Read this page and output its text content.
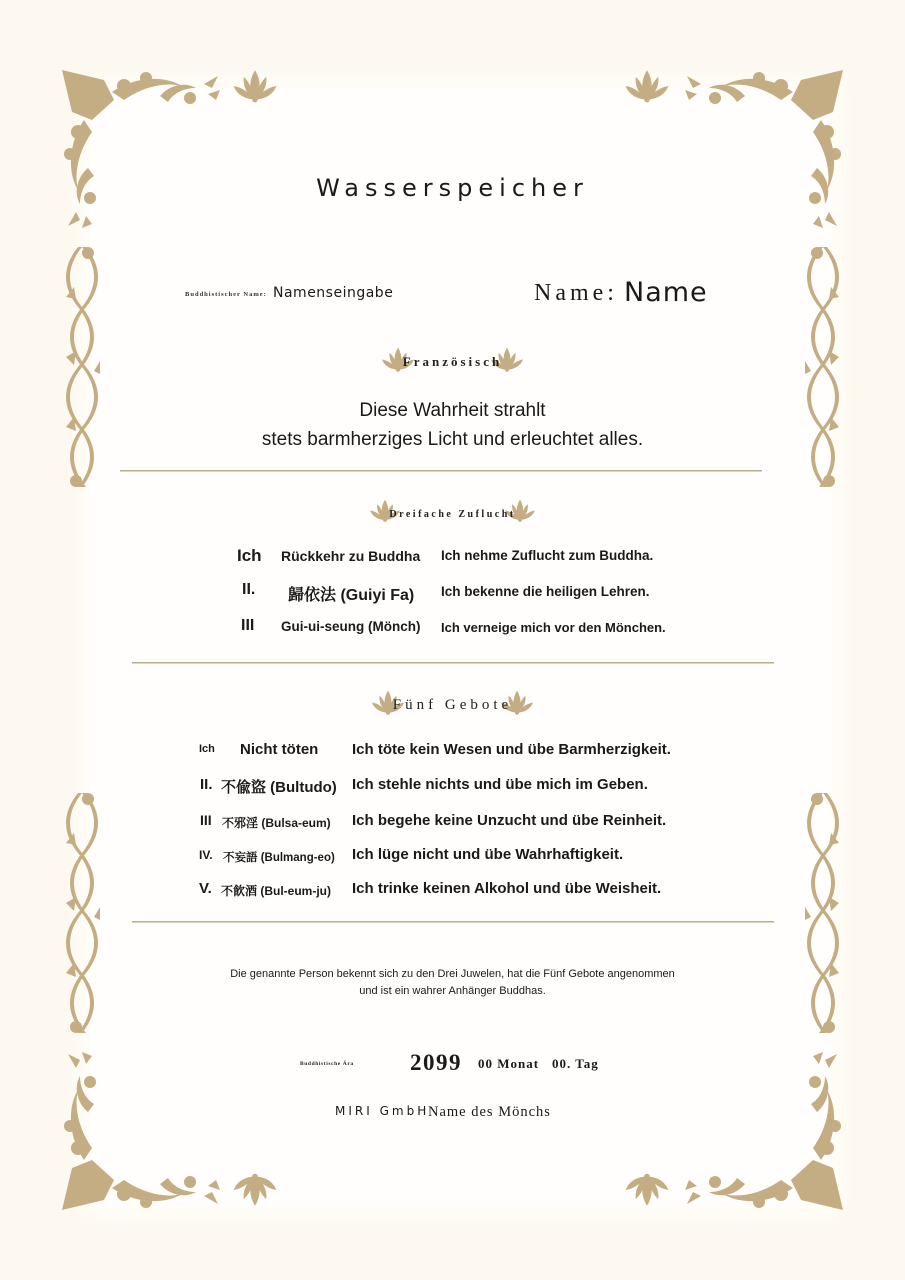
Wasserspeicher
Buddhistischer Name: Namenseingabe	Name: Name
Französisch
Diese Wahrheit strahlt
stets barmherziges Licht und erleuchtet alles.
Dreifache Zuflucht
Ich Rückkehr zu Buddha Ich nehme Zuflucht zum Buddha.
II. 歸依法 (Guiyi Fa) Ich bekenne die heiligen Lehren.
III Gui-ui-seung (Mönch) Ich verneige mich vor den Mönchen.
Fünf Gebote
Ich Nicht töten Ich töte kein Wesen und übe Barmherzigkeit.
II. 不偸盜 (Bultudo) Ich stehle nichts und übe mich im Geben.
III 不邪淫 (Bulsa-eum) Ich begehe keine Unzucht und übe Reinheit.
IV. 不妄語 (Bulmang-eo) Ich lüge nicht und übe Wahrhaftigkeit.
V. 不飮酒 (Bul-eum-ju) Ich trinke keinen Alkohol und übe Weisheit.
Die genannte Person bekennt sich zu den Drei Juwelen, hat die Fünf Gebote angenommen
und ist ein wahrer Anhänger Buddhas.
Buddhistische Ära 2099 00 Monat 00. Tag
MIRI GmbH
Name des Mönchs
